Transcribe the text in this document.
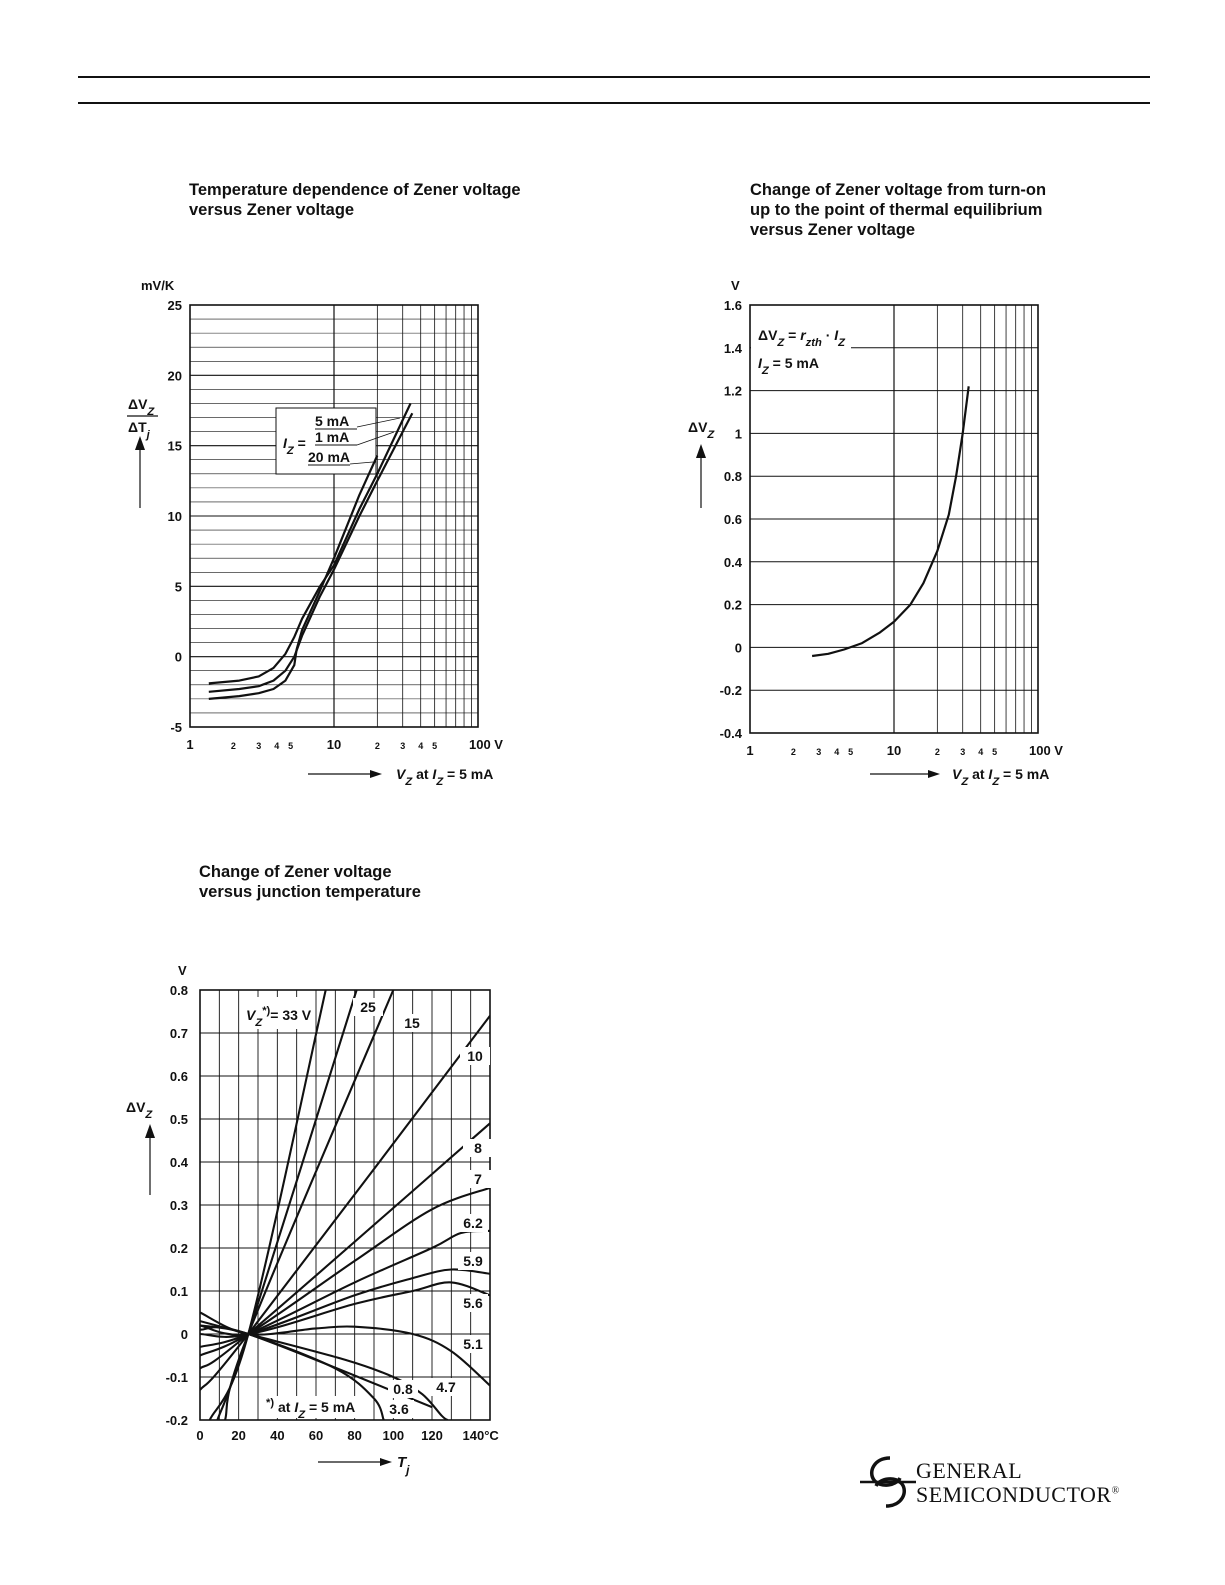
Temperature dependence of Zener voltage
versus Zener voltage
Change of Zener voltage from turn-on
up to the point of thermal equilibrium
versus Zener voltage
Change of Zener voltage
versus junction temperature
25
20
15
10
5
0
-5
mV/K
$\Delta V_Z$
$\Delta T_j$
1	10	100 V
2 3 4 5	2 3 4 5
$V_Z$ at $I_Z = 5$ mA
$I_Z$ =
5 mA
1 mA
20 mA
1.6
1.4
1.2
1
0.8
0.6
0.4
0.2
0
-0.2
-0.4
V
$\Delta V_Z$
1	10	100 V
2 3 4 5	2 3 4 5
$V_Z$ at $I_Z = 5$ mA
$\Delta V_Z = r_{zth} \cdot I_Z$
$I_Z = 5$ mA
0.8
0.7
0.6
0.5
0.4
0.3
0.2
0.1
0
-0.1
-0.2
V
$\Delta V_Z$
0 20 40 60 80 100 120 140°C
$T_j$
25
15
10
8
7
6.2
5.9
5.6
5.1
4.7
0.8
3.6
$V_Z^{*)}= 33$ V
*) at $I_Z = 5$ mA
GENERAL
SEMICONDUCTOR®
